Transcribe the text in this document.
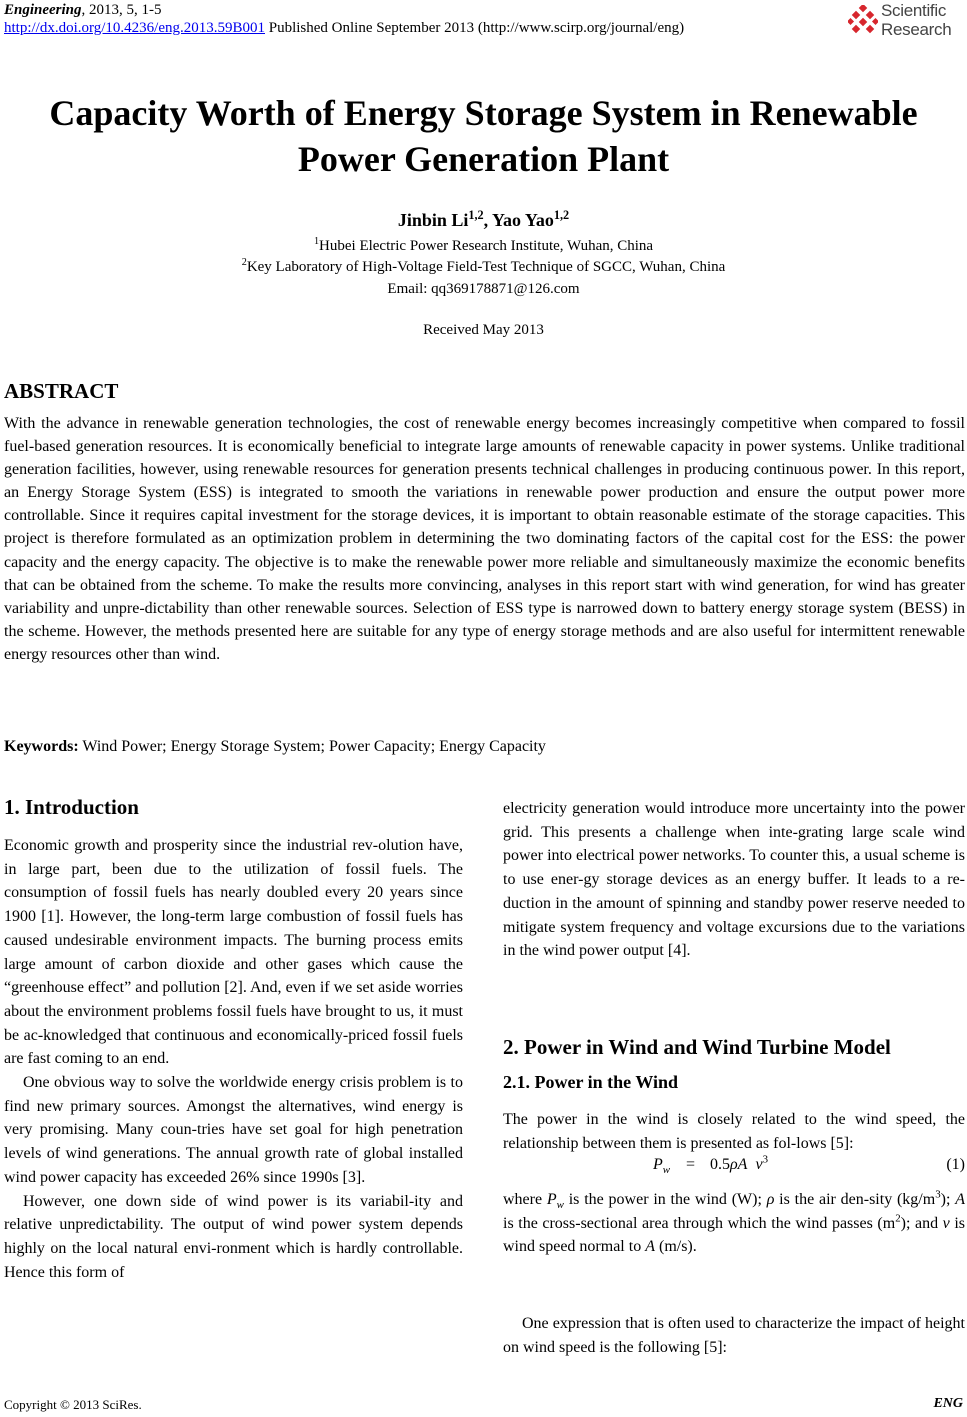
Engineering, 2013, 5, 1-5
http://dx.doi.org/10.4236/eng.2013.59B001 Published Online September 2013 (http://www.scirp.org/journal/eng)
Scientific
Research
Capacity Worth of Energy Storage System in Renewable
Power Generation Plant
Jinbin Li$^{1,2}$, Yao Yao$^{1,2}$
$^1$Hubei Electric Power Research Institute, Wuhan, China
$^2$Key Laboratory of High-Voltage Field-Test Technique of SGCC, Wuhan, China
Email: qq369178871@126.com
Received May 2013
ABSTRACT
With the advance in renewable generation technologies, the cost of renewable energy becomes increasingly competitive when compared to fossil fuel-based generation resources. It is economically beneficial to integrate large amounts of renewable capacity in power systems. Unlike traditional generation facilities, however, using renewable resources for generation presents technical challenges in producing continuous power. In this report, an Energy Storage System (ESS) is integrated to smooth the variations in renewable power production and ensure the output power more controllable. Since it requires capital investment for the storage devices, it is important to obtain reasonable estimate of the storage capacities. This project is therefore formulated as an optimization problem in determining the two dominating factors of the capital cost for the ESS: the power capacity and the energy capacity. The objective is to make the renewable power more reliable and simultaneously maximize the economic benefits that can be obtained from the scheme. To make the results more convincing, analyses in this report start with wind generation, for wind has greater variability and unpre-dictability than other renewable sources. Selection of ESS type is narrowed down to battery energy storage system (BESS) in the scheme. However, the methods presented here are suitable for any type of energy storage methods and are also useful for intermittent renewable energy resources other than wind.
Keywords: Wind Power; Energy Storage System; Power Capacity; Energy Capacity
1. Introduction

Economic growth and prosperity since the industrial rev-olution have, in large part, been due to the utilization of fossil fuels. The consumption of fossil fuels has nearly doubled every 20 years since 1900 [1]. However, the long-term large combustion of fossil fuels has caused undesirable environment impacts. The burning process emits large amount of carbon dioxide and other gases which cause the “greenhouse effect” and pollution [2]. And, even if we set aside worries about the environment problems fossil fuels have brought to us, it must be ac-knowledged that continuous and economically-priced fossil fuels are fast coming to an end.

One obvious way to solve the worldwide energy crisis problem is to find new primary sources. Amongst the alternatives, wind energy is very promising. Many coun-tries have set goal for high penetration levels of wind generations. The annual growth rate of global installed wind power capacity has exceeded 26% since 1990s [3].

However, one down side of wind power is its variabil-ity and relative unpredictability. The output of wind power system depends highly on the local natural envi-ronment which is hardly controllable. Hence this form of

electricity generation would introduce more uncertainty into the power grid. This presents a challenge when inte-grating large scale wind power into electrical power networks. To counter this, a usual scheme is to use ener-gy storage devices as an energy buffer. It leads to a re-duction in the amount of spinning and standby power reserve needed to mitigate system frequency and voltage excursions due to the variations in the wind power output [4].
2. Power in Wind and Wind Turbine Model
2.1. Power in the Wind
The power in the wind is closely related to the wind speed, the relationship between them is presented as fol-lows [5]:
$P_w = 0.5\rho A$ $v^3$	(1)
where $P_w$ is the power in the wind (W); ρ is the air den-sity $(kg/m^3)$; A is the cross-sectional area through which the wind passes $(m^2)$; and v is wind speed normal to A (m/s).
One expression that is often used to characterize the impact of height on wind speed is the following [5]:
Copyright © 2013 SciRes.	ENG
